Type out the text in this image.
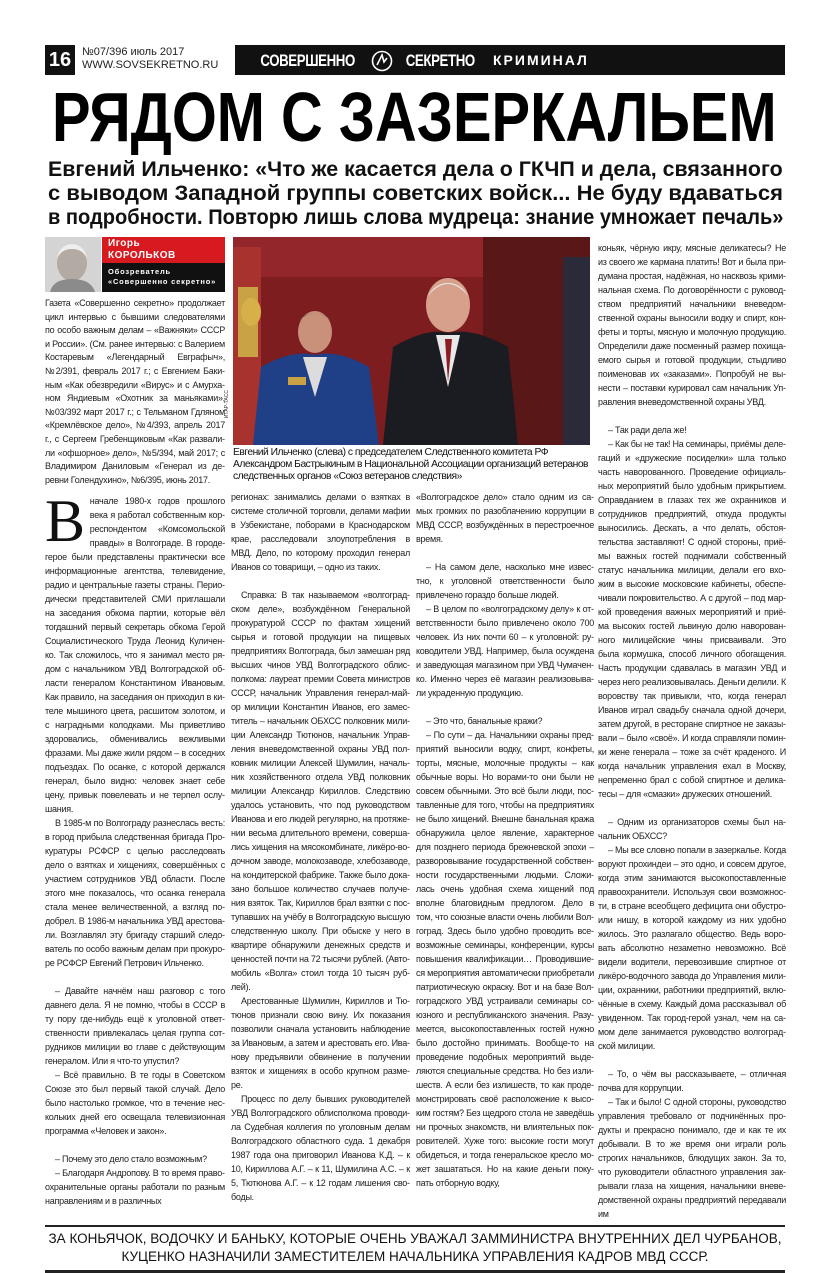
16 №07/396 июль 2017
WWW.SOVSEKRETNO.RU СОВЕРШЕННО	СЕКРЕТНО КРИМИНАЛ
РЯДОМ С ЗАЗЕРКАЛЬЕМ
Евгений Ильченко: «Что же касается дела о ГКЧП и дела, связанного
с выводом Западной группы советских войск... Не буду вдаваться
в подробности. Повторю лишь слова мудреца: знание умножает печаль»
Игорь
КОРОЛЬКОВ
Обозреватель
«Совершенно секретно»
Газета «Совершенно секретно» продолжает цикл интервью с бывшими следователями по особо важным делам – «Важняки» СССР и России». (См. ранее интервью: с Валерием Костаревым «Легендарный Евграфыч», №2/391, февраль 2017 г.; с Евгением Бакиным «Как обезвредили «Вирус» и с Амурханом Яндиевым «Охотник за маньяками», №03/392 март 2017 г.; с Тельманом Гдляном «Кремлёвское дело», №4/393, апрель 2017 г., с Сергеем Гребенщиковым «Как развалили «офшорное» дело», №5/394, май 2017; с Владимиром Даниловым «Генерал из деревни Голендухино», №6/395, июнь 2017.
ИТАР-ТАСС
Евгений Ильченко (слева) с председателем Следственного комитета РФ Александром Бастрыкиным в Национальной Ассоциации организаций ветеранов следственных органов «Союз ветеранов следствия»

Вначале 1980-х годов прошлого века я работал собственным корреспондентом «Комсомольской правды» в Волгограде. В городе-герое были представлены практически все информационные агентства, телевидение, радио и центральные газеты страны. Периодически представителей СМИ приглашали на заседания обкома партии, которые вёл тогдашний первый секретарь обкома Герой Социалистического Труда Леонид Куличенко. Так сложилось, что я занимал место рядом с начальником УВД Волгоградской области генералом Константином Ивановым. Как правило, на заседания он приходил в кителе мышиного цвета, расшитом золотом, и с наградными колодками. Мы приветливо здоровались, обменивались вежливыми фразами. Мы даже жили рядом – в соседних подъездах. По осанке, с которой держался генерал, было видно: человек знает себе цену, привык повелевать и не терпел ослушания.

В 1985-м по Волгограду разнеслась весть: в город прибыла следственная бригада Прокуратуры РСФСР с целью расследовать дело о взятках и хищениях, совершённых с участием сотрудников УВД области. После этого мне показалось, что осанка генерала стала менее величественной, а взгляд подобрел. В 1986-м начальника УВД арестовали. Возглавлял эту бригаду старший следователь по особо важным делам при прокуроре РСФСР Евгений Петрович Ильченко.

– Давайте начнём наш разговор с того давнего дела. Я не помню, чтобы в СССР в ту пору где-нибудь ещё к уголовной ответственности привлекалась целая группа сотрудников милиции во главе с действующим генералом. Или я что-то упустил?

– Всё правильно. В те годы в Советском Союзе это был первый такой случай. Дело было настолько громкое, что в течение нескольких дней его освещала телевизионная программа «Человек и закон».

– Почему это дело стало возможным?

– Благодаря Андропову. В то время правоохранительные органы работали по разным направлениям и в различных

регионах: занимались делами о взятках в системе столичной торговли, делами мафии в Узбекистане, поборами в Краснодарском крае, расследовали злоупотребления в МВД. Дело, по которому проходил генерал Иванов со товарищи, – одно из таких.

Справка: В так называемом «волгоградском деле», возбуждённом Генеральной прокуратурой СССР по фактам хищений сырья и готовой продукции на пищевых предприятиях Волгограда, был замешан ряд высших чинов УВД Волгоградского облисполкома: лауреат премии Совета министров СССР, начальник Управления генерал-майор милиции Константин Иванов, его заместитель – начальник ОБХСС полковник милиции Александр Тютюнов, начальник Управления вневедомственной охраны УВД полковник милиции Алексей Шумилин, начальник хозяйственного отдела УВД полковник милиции Александр Кириллов. Следствию удалось установить, что под руководством Иванова и его людей регулярно, на протяжении весьма длительного времени, совершались хищения на мясокомбинате, ликёро-водочном заводе, молокозаводе, хлебозаводе, на кондитерской фабрике. Также было доказано большое количество случаев получения взяток. Так, Кириллов брал взятки с поступавших на учёбу в Волгоградскую высшую следственную школу. При обыске у него в квартире обнаружили денежных средств и ценностей почти на 72 тысячи рублей. (Автомобиль «Волга» стоил тогда 10 тысяч рублей).

Арестованные Шумилин, Кириллов и Тютюнов признали свою вину. Их показания позволили сначала установить наблюдение за Ивановым, а затем и арестовать его. Иванову предъявили обвинение в получении взяток и хищениях в особо крупном размере.

Процесс по делу бывших руководителей УВД Волгоградского облисполкома проводила Судебная коллегия по уголовным делам Волгоградского областного суда. 1 декабря 1987 года она приговорил Иванова К.Д. – к 10, Кириллова А.Г. – к 11, Шумилина А.С. – к 5, Тютюнова А.Г. – к 12 годам лишения свободы.

«Волгоградское дело» стало одним из самых громких по разоблачению коррупции в МВД СССР, возбуждённых в перестроечное время.

– На самом деле, насколько мне известно, к уголовной ответственности было привлечено гораздо больше людей.

– В целом по «волгоградскому делу» к ответственности было привлечено около 700 человек. Из них почти 60 – к уголовной: руководители УВД. Например, была осуждена и заведующая магазином при УВД Чумаченко. Именно через её магазин реализовывали украденную продукцию.

– Это что, банальные кражи?

– По сути – да. Начальники охраны предприятий выносили водку, спирт, конфеты, торты, мясные, молочные продукты – как обычные воры. Но ворами-то они были не совсем обычными. Это всё были люди, поставленные для того, чтобы на предприятиях не было хищений. Внешне банальная кража обнаружила целое явление, характерное для позднего периода брежневской эпохи – разворовывание государственной собственности государственными людьми. Сложилась очень удобная схема хищений под вполне благовидным предлогом. Дело в том, что союзные власти очень любили Волгоград. Здесь было удобно проводить всевозможные семинары, конференции, курсы повышения квалификации… Проводившиеся мероприятия автоматически приобретали патриотическую окраску. Вот и на базе Волгоградского УВД устраивали семинары союзного и республиканского значения. Разумеется, высокопоставленных гостей нужно было достойно принимать. Вообще-то на проведение подобных мероприятий выделяются специальные средства. Но без излишеств. А если без излишеств, то как продемонстрировать своё расположение к высоким гостям? Без щедрого стола не заведёшь ни прочных знакомств, ни влиятельных покровителей. Хуже того: высокие гости могут обидеться, и тогда генеральское кресло может зашататься. Но на какие деньги покупать отборную водку,

коньяк, чёрную икру, мясные деликатесы? Не из своего же кармана платить! Вот и была придумана простая, надёжная, но насквозь криминальная схема. По договорённости с руководством предприятий начальники вневедомственной охраны выносили водку и спирт, конфеты и торты, мясную и молочную продукцию. Определили даже посменный размер похищаемого сырья и готовой продукции, стыдливо поименовав их «заказами». Попробуй не вынести – поставки курировал сам начальник Управления вневедомственной охраны УВД.

– Так ради дела же!

– Как бы не так! На семинары, приёмы делегаций и «дружеские посиделки» шла только часть наворованного. Проведение официальных мероприятий было удобным прикрытием. Оправданием в глазах тех же охранников и сотрудников предприятий, откуда продукты выносились. Дескать, а что делать, обстоятельства заставляют! С одной стороны, приёмы важных гостей поднимали собственный статус начальника милиции, делали его вхожим в высокие московские кабинеты, обеспечивали покровительство. А с другой – под маркой проведения важных мероприятий и приёма высоких гостей львиную долю наворованного милицейские чины присваивали. Это была кормушка, способ личного обогащения. Часть продукции сдавалась в магазин УВД и через него реализовывалась. Деньги делили. К воровству так привыкли, что, когда генерал Иванов играл свадьбу сначала одной дочери, затем другой, в ресторане спиртное не заказывали – было «своё». И когда справляли поминки жене генерала – тоже за счёт краденого. И когда начальник управления ехал в Москву, непременно брал с собой спиртное и деликатесы – для «смазки» дружеских отношений.

– Одним из организаторов схемы был начальник ОБХСС?

– Мы все словно попали в зазеркалье. Когда воруют прохиндеи – это одно, и совсем другое, когда этим занимаются высокопоставленные правоохранители. Используя свои возможности, в стране всеобщего дефицита они обустроили нишу, в которой каждому из них удобно жилось. Это разлагало общество. Ведь воровать абсолютно незаметно невозможно. Всё видели водители, перевозившие спиртное от ликёро-водочного завода до Управления милиции, охранники, работники предприятий, включённые в схему. Каждый дома рассказывал об увиденном. Так город-герой узнал, чем на самом деле занимается руководство волгоградской милиции.

– То, о чём вы рассказываете, – отличная почва для коррупции.

– Так и было! С одной стороны, руководство управления требовало от подчинённых продукты и прекрасно понимало, где и как те их добывали. В то же время они играли роль строгих начальников, блюдущих закон. За то, что руководители областного управления закрывали глаза на хищения, начальники вневедомственной охраны предприятий передавали им

ЗА КОНЬЯЧОК, ВОДОЧКУ И БАНЬКУ, КОТОРЫЕ ОЧЕНЬ УВАЖАЛ ЗАММИНИСТРА ВНУТРЕННИХ ДЕЛ ЧУРБАНОВ,
КУЦЕНКО НАЗНАЧИЛИ ЗАМЕСТИТЕЛЕМ НАЧАЛЬНИКА УПРАВЛЕНИЯ КАДРОВ МВД СССР.
